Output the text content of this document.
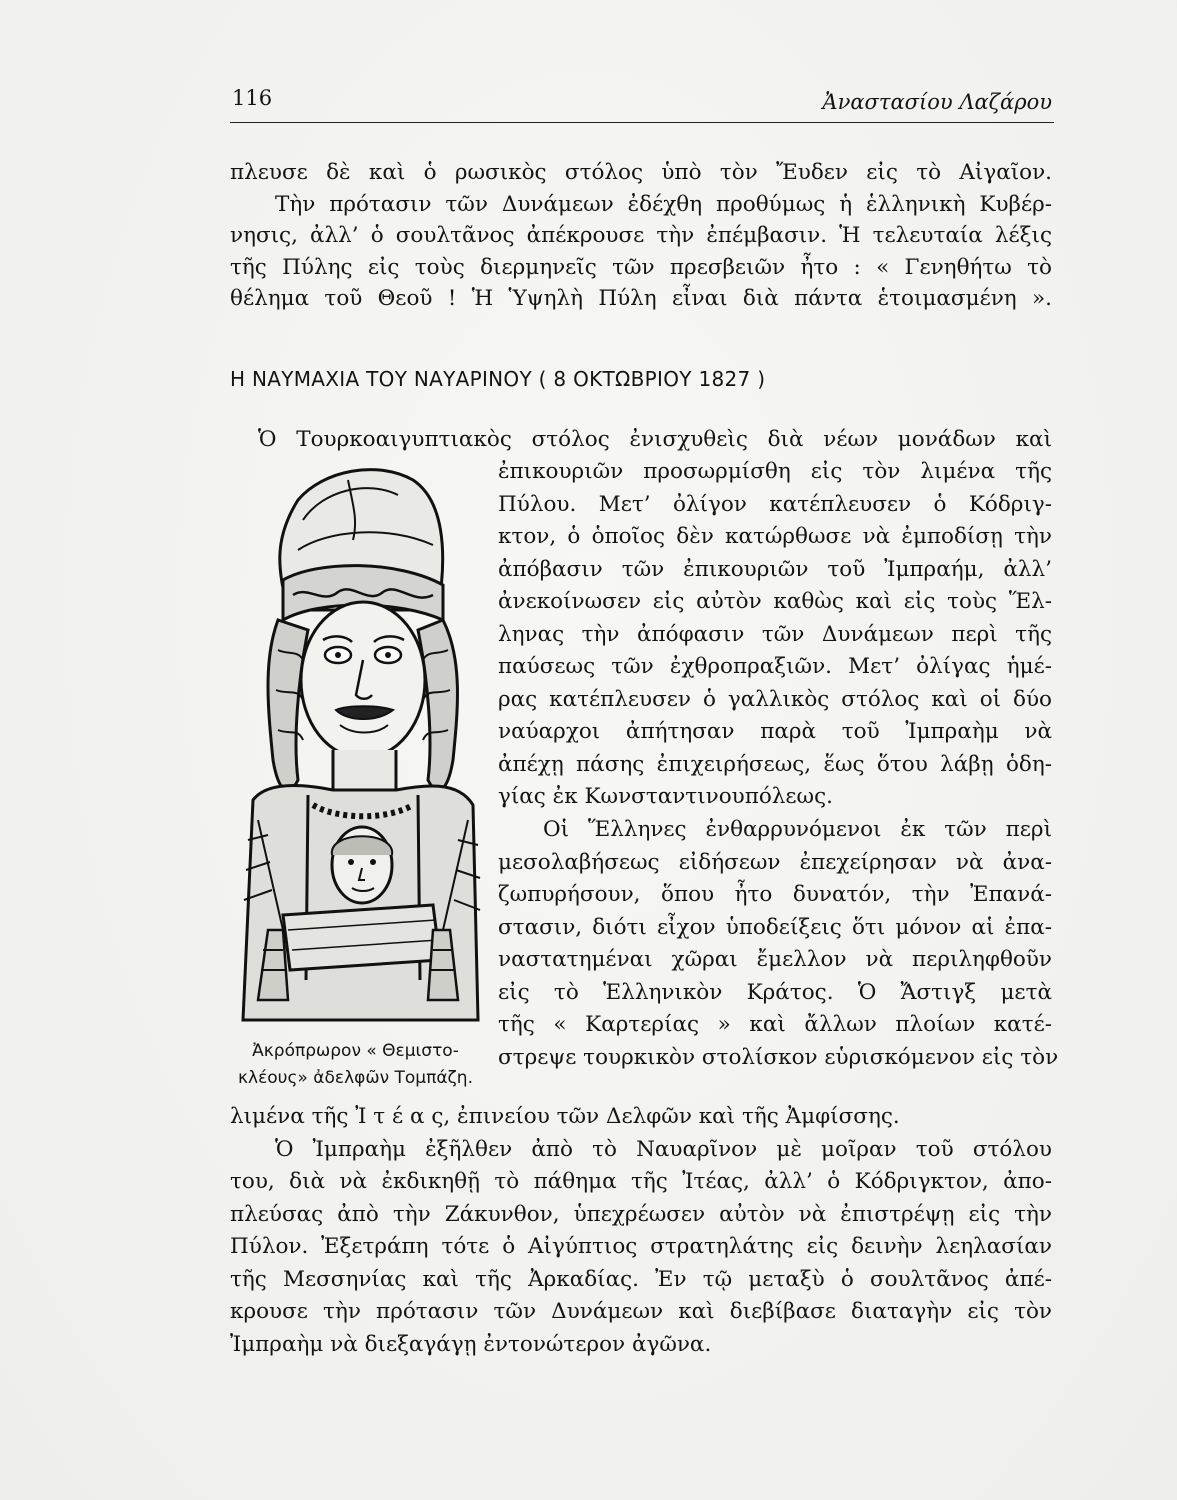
116	Ἀναστασίου Λαζάρου
πλευσε δὲ καὶ ὁ ρωσικὸς στόλος ὑπὸ τὸν Ἔυδεν εἰς τὸ Αἰγαῖον.
Τὴν πρότασιν τῶν Δυνάμεων ἐδέχθη προθύμως ἡ ἑλληνικὴ Κυβέρ-
νησις, ἀλλ’ ὁ σουλτᾶνος ἀπέκρουσε τὴν ἐπέμβασιν. Ἡ τελευταία λέξις
τῆς Πύλης εἰς τοὺς διερμηνεῖς τῶν πρεσβειῶν ἦτο : « Γενηθήτω τὸ
θέλημα τοῦ Θεοῦ ! Ἡ Ὑψηλὴ Πύλη εἶναι διὰ πάντα ἑτοιμασμένη ».
Η ΝΑΥΜΑΧΙΑ ΤΟΥ ΝΑΥΑΡΙΝΟΥ ( 8 ΟΚΤΩΒΡΙΟΥ 1827 )
Ὁ Τουρκοαιγυπτιακὸς στόλος ἐνισχυθεὶς διὰ νέων μονάδων καὶ
ἐπικουριῶν προσωρμίσθη εἰς τὸν λιμένα τῆς
Πύλου. Μετ’ ὀλίγον κατέπλευσεν ὁ Κόδριγ-
κτον, ὁ ὁποῖος δὲν κατώρθωσε νὰ ἐμποδίσῃ τὴν
ἀπόβασιν τῶν ἐπικουριῶν τοῦ Ἰμπραήμ, ἀλλ’
ἀνεκοίνωσεν εἰς αὐτὸν καθὼς καὶ εἰς τοὺς Ἕλ-
ληνας τὴν ἀπόφασιν τῶν Δυνάμεων περὶ τῆς
παύσεως τῶν ἐχθροπραξιῶν. Μετ’ ὀλίγας ἡμέ-
ρας κατέπλευσεν ὁ γαλλικὸς στόλος καὶ οἱ δύο
ναύαρχοι ἀπήτησαν παρὰ τοῦ Ἰμπραὴμ νὰ
ἀπέχῃ πάσης ἐπιχειρήσεως, ἕως ὅτου λάβῃ ὁδη-
γίας ἐκ Κωνσταντινουπόλεως.
Οἱ Ἕλληνες ἐνθαρρυνόμενοι ἐκ τῶν περὶ
μεσολαβήσεως εἰδήσεων ἐπεχείρησαν νὰ ἀνα-
ζωπυρήσουν, ὅπου ἦτο δυνατόν, τὴν Ἐπανά-
στασιν, διότι εἶχον ὑποδείξεις ὅτι μόνον αἱ ἐπα-
ναστατημέναι χῶραι ἔμελλον νὰ περιληφθοῦν
εἰς τὸ Ἑλληνικὸν Κράτος. Ὁ Ἄστιγξ μετὰ
τῆς « Καρτερίας » καὶ ἄλλων πλοίων κατέ-
στρεψε τουρκικὸν στολίσκον εὑρισκόμενον εἰς τὸν
Ἀκρόπρωρον « Θεμιστο-
κλέους» ἀδελφῶν Τομπάζη.
λιμένα τῆς Ἰ τ έ α ς, ἐπινείου τῶν Δελφῶν καὶ τῆς Ἀμφίσσης.
Ὁ Ἰμπραὴμ ἐξῆλθεν ἀπὸ τὸ Ναυαρῖνον μὲ μοῖραν τοῦ στόλου
του, διὰ νὰ ἐκδικηθῇ τὸ πάθημα τῆς Ἰτέας, ἀλλ’ ὁ Κόδριγκτον, ἀπο-
πλεύσας ἀπὸ τὴν Ζάκυνθον, ὑπεχρέωσεν αὐτὸν νὰ ἐπιστρέψῃ εἰς τὴν
Πύλον. Ἐξετράπη τότε ὁ Αἰγύπτιος στρατηλάτης εἰς δεινὴν λεηλασίαν
τῆς Μεσσηνίας καὶ τῆς Ἀρκαδίας. Ἐν τῷ μεταξὺ ὁ σουλτᾶνος ἀπέ-
κρουσε τὴν πρότασιν τῶν Δυνάμεων καὶ διεβίβασε διαταγὴν εἰς τὸν
Ἰμπραὴμ νὰ διεξαγάγῃ ἐντονώτερον ἀγῶνα.
